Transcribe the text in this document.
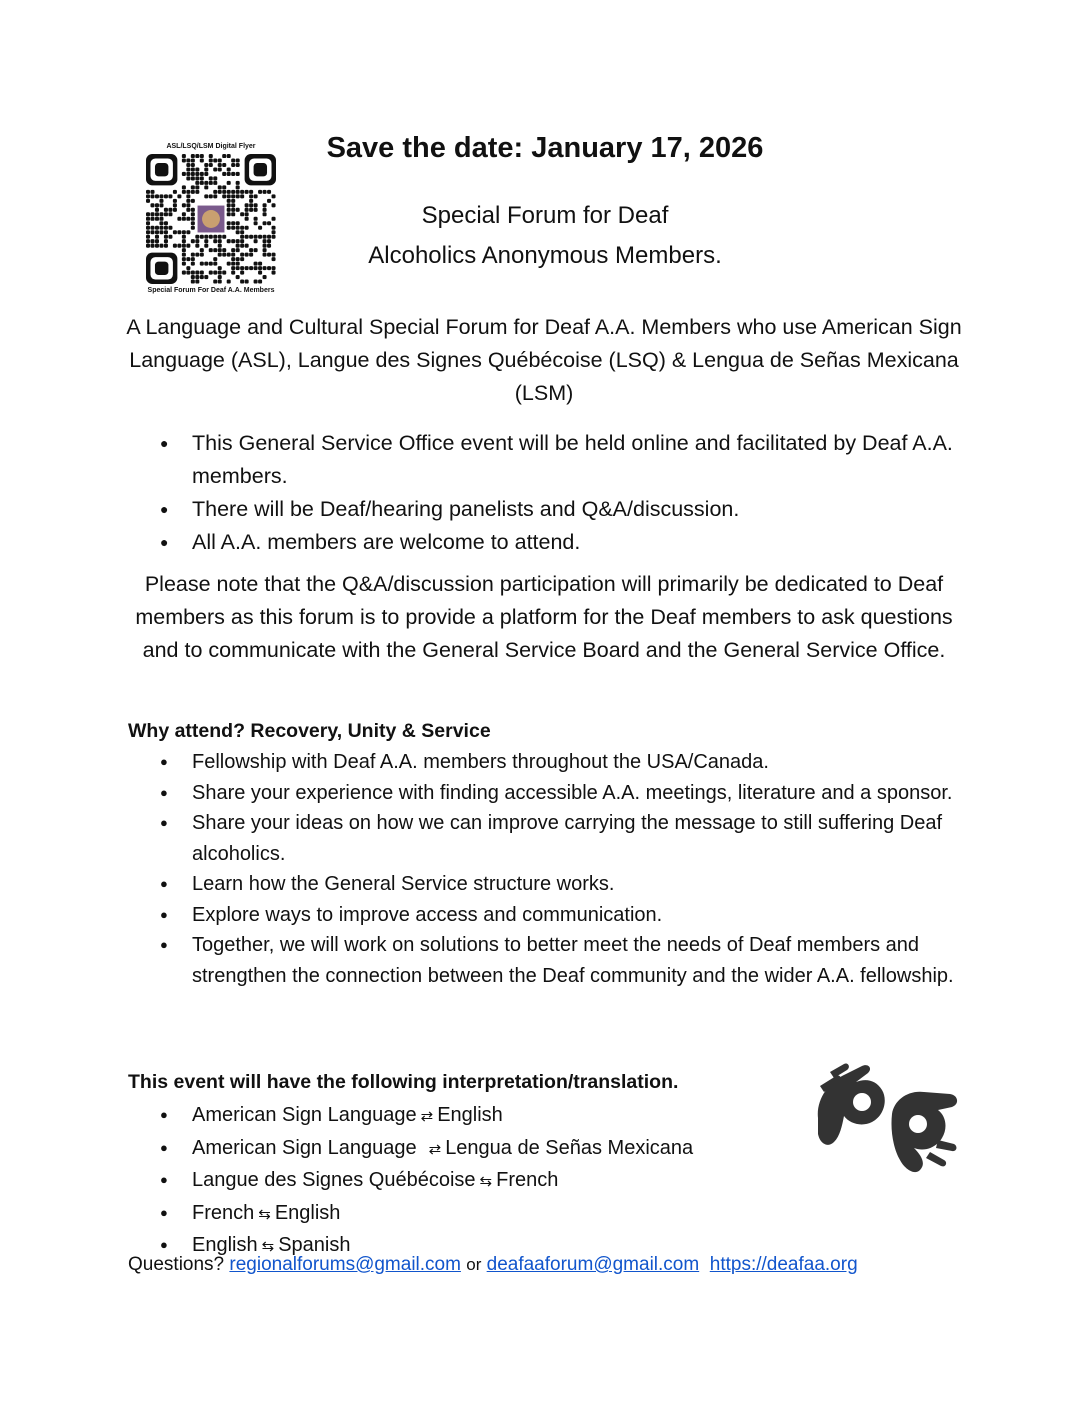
ASL/LSQ/LSM Digital Flyer
Special Forum For Deaf A.A. Members
Save the date: January 17, 2026
Special Forum for Deaf
Alcoholics Anonymous Members.
A Language and Cultural Special Forum for Deaf A.A. Members who use American Sign Language (ASL), Langue des Signes Québécoise (LSQ) & Lengua de Señas Mexicana (LSM)
● This General Service Office event will be held online and facilitated by Deaf A.A. members.
● There will be Deaf/hearing panelists and Q&A/discussion.
● All A.A. members are welcome to attend.
Please note that the Q&A/discussion participation will primarily be dedicated to Deaf members as this forum is to provide a platform for the Deaf members to ask questions and to communicate with the General Service Board and the General Service Office.
Why attend? Recovery, Unity & Service
● Fellowship with Deaf A.A. members throughout the USA/Canada.
● Share your experience with finding accessible A.A. meetings, literature and a sponsor.
● Share your ideas on how we can improve carrying the message to still suffering Deaf alcoholics.
● Learn how the General Service structure works.
● Explore ways to improve access and communication.
● Together, we will work on solutions to better meet the needs of Deaf members and strengthen the connection between the Deaf community and the wider A.A. fellowship.
This event will have the following interpretation/translation.
● American Sign Language ⇄ English
● American Sign Language ⇄ Lengua de Señas Mexicana
● Langue des Signes Québécoise ⇆ French
● French ⇆ English
● English ⇆ Spanish
Questions? regionalforums@gmail.com or deafaaforum@gmail.com https://deafaa.org
